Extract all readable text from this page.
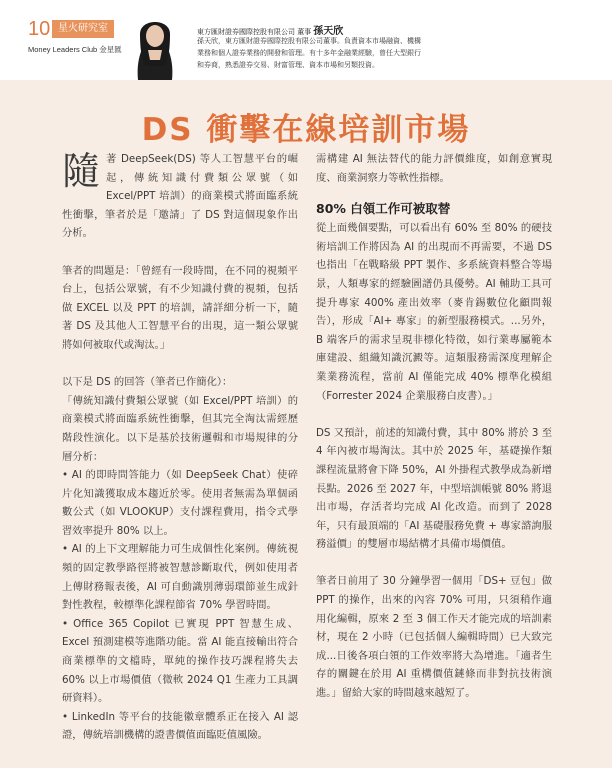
10 星火研究室
Money Leaders Club 金星匯
東方匯財證券國際控股有限公司 董事 孫天欣
孫天欣，東方匯財證券國際控股有限公司董事。負責資本市場融資、機構業務和個人證券業務的開發和管理。有十多年金融業經驗，曾任大型銀行和券商，熟悉證券交易、財富管理、資本市場和另類投資。
DS 衝擊在線培訓市場

隨著 DeepSeek(DS) 等人工智慧平台的崛起，傳統知識付費類公眾號（如 Excel/PPT 培訓）的商業模式將面臨系統性衝擊，筆者於是「邀請」了 DS 對這個現象作出分析。

筆者的問題是：「曾經有一段時間，在不同的視頻平台上，包括公眾號，有不少知識付費的視頻，包括做 EXCEL 以及 PPT 的培訓，請詳細分析一下，隨著 DS 及其他人工智慧平台的出現，這一類公眾號將如何被取代或淘汰。」

以下是 DS 的回答（筆者已作簡化）：

「傳統知識付費類公眾號（如 Excel/PPT 培訓）的商業模式將面臨系統性衝擊，但其完全淘汰需經歷階段性演化。以下是基於技術邏輯和市場規律的分層分析：

• AI 的即時問答能力（如 DeepSeek Chat）使碎片化知識獲取成本趨近於零。使用者無需為單個函數公式（如 VLOOKUP）支付課程費用，指令式學習效率提升 80% 以上。

• AI 的上下文理解能力可生成個性化案例。傳統視頻的固定教學路徑將被智慧診斷取代，例如使用者上傳財務報表後，AI 可自動識別薄弱環節並生成針對性教程，較標準化課程節省 70% 學習時間。

• Office 365 Copilot 已實現 PPT 智慧生成、Excel 預測建模等進階功能。當 AI 能直接輸出符合商業標準的文檔時，單純的操作技巧課程將失去 60% 以上市場價值（微軟 2024 Q1 生產力工具調研資料）。

• LinkedIn 等平台的技能徽章體系正在接入 AI 認證，傳統培訓機構的證書價值面臨貶值風險。

需構建 AI 無法替代的能力評價維度，如創意實現度、商業洞察力等軟性指標。

80% 白領工作可被取替

從上面幾個要點，可以看出有 60% 至 80% 的硬技術培訓工作將因為 AI 的出現而不再需要，不過 DS 也指出「在戰略級 PPT 製作、多系統資料整合等場景，人類專家的經驗圖譜仍具優勢。AI 輔助工具可提升專家 400% 產出效率（麥肯錫數位化顧問報告），形成「AI+ 專家」的新型服務模式。...另外，B 端客戶的需求呈現非標化特徵，如行業專屬範本庫建設、組織知識沉澱等。這類服務需深度理解企業業務流程，當前 AI 僅能完成 40% 標準化模組（Forrester 2024 企業服務白皮書）。」

DS 又預計，前述的知識付費，其中 80% 將於 3 至 4 年內被市場淘汰。其中於 2025 年，基礎操作類課程流量將會下降 50%，AI 外掛程式教學成為新增長點。2026 至 2027 年，中型培訓帳號 80% 將退出市場，存活者均完成 AI 化改造。而到了 2028 年，只有最頂端的「AI 基礎服務免費 + 專家諮詢服務溢價」的雙層市場結構才具備市場價值。

筆者日前用了 30 分鐘學習一個用「DS+ 豆包」做 PPT 的操作，出來的內容 70% 可用，只須稍作適用化編輯，原來 2 至 3 個工作天才能完成的培訓素材，現在 2 小時（已包括個人編輯時間）已大致完成...日後各項白領的工作效率將大為增進。「適者生存的關鍵在於用 AI 重構價值鏈條而非對抗技術演進。」留給大家的時間越來越短了。
